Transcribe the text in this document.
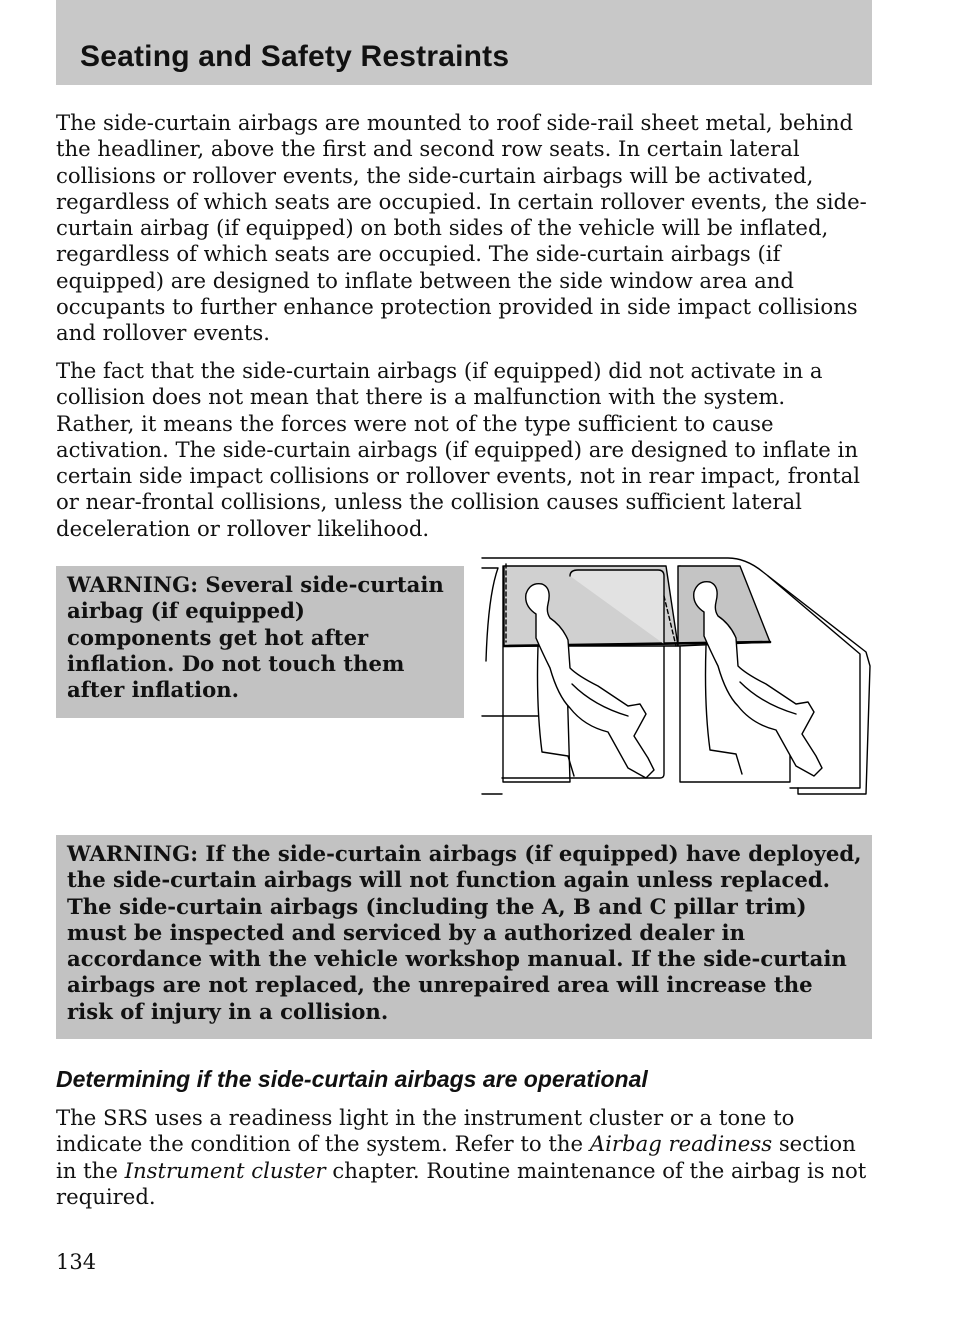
Seating and Safety Restraints

The side-curtain airbags are mounted to roof side-rail sheet metal, behind the headliner, above the first and second row seats. In certain lateral collisions or rollover events, the side-curtain airbags will be activated, regardless of which seats are occupied. In certain rollover events, the side-curtain airbag (if equipped) on both sides of the vehicle will be inflated, regardless of which seats are occupied. The side-curtain airbags (if equipped) are designed to inflate between the side window area and occupants to further enhance protection provided in side impact collisions and rollover events.

The fact that the side-curtain airbags (if equipped) did not activate in a collision does not mean that there is a malfunction with the system. Rather, it means the forces were not of the type sufficient to cause activation. The side-curtain airbags (if equipped) are designed to inflate in certain side impact collisions or rollover events, not in rear impact, frontal or near-frontal collisions, unless the collision causes sufficient lateral deceleration or rollover likelihood.

WARNING: Several side-curtain airbag (if equipped) components get hot after inflation. Do not touch them after inflation.

WARNING: If the side-curtain airbags (if equipped) have deployed, the side-curtain airbags will not function again unless replaced. The side-curtain airbags (including the A, B and C pillar trim) must be inspected and serviced by a authorized dealer in accordance with the vehicle workshop manual. If the side-curtain airbags are not replaced, the unrepaired area will increase the risk of injury in a collision.

Determining if the side-curtain airbags are operational

The SRS uses a readiness light in the instrument cluster or a tone to indicate the condition of the system. Refer to the Airbag readiness section in the Instrument cluster chapter. Routine maintenance of the airbag is not required.

134
